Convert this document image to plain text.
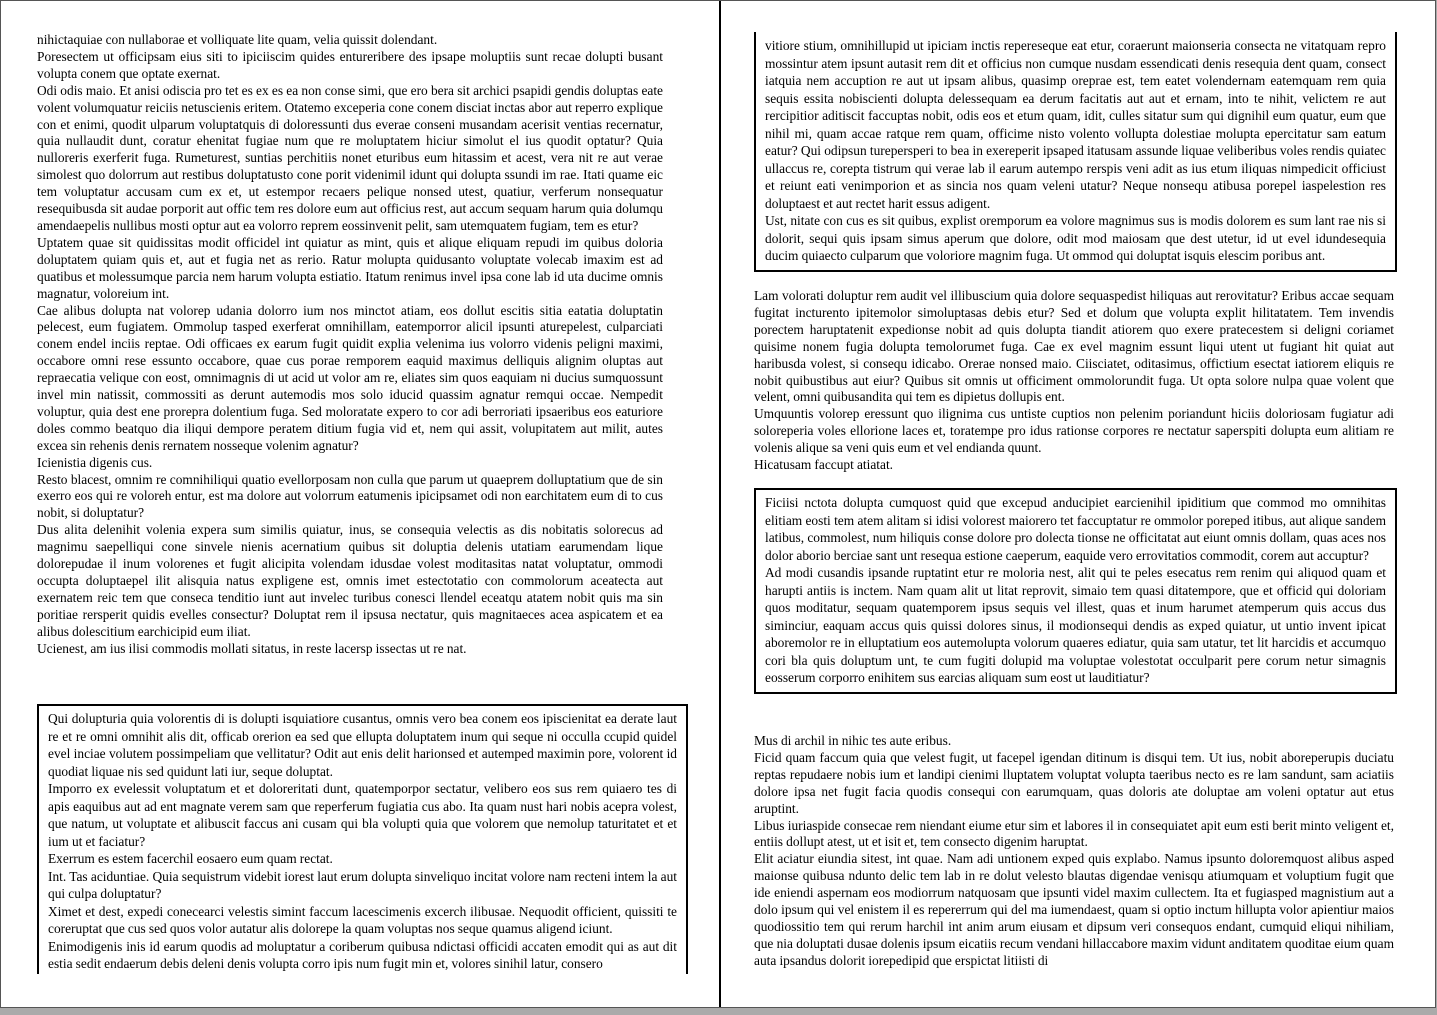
nihictaquiae con nullaborae et volliquate lite quam, velia quissit dolendant.

Poresectem ut officipsam eius siti to ipiciiscim quides entureribere des ipsape moluptiis sunt recae dolupti busant volupta conem que optate exernat.

Odi odis maio. Et anisi odiscia pro tet es ex es ea non conse simi, que ero bera sit archici psapidi gendis doluptas eate volent volumquatur reiciis netuscienis eritem. Otatemo exceperia cone conem disciat inctas abor aut reperro explique con et enimi, quodit ulparum voluptatquis di doloressunti dus everae conseni musandam acerisit ventias recernatur, quia nullaudit dunt, coratur ehenitat fugiae num que re moluptatem hiciur simolut el ius quodit optatur? Quia nulloreris exerferit fuga. Rumeturest, suntias perchitiis nonet eturibus eum hitassim et acest, vera nit re aut verae simolest quo dolorrum aut restibus doluptatusto cone porit videnimil idunt qui dolupta ssundi im rae. Itati quame eic tem voluptatur accusam cum ex et, ut estempor recaers pelique nonsed utest, quatiur, verferum nonsequatur resequibusda sit audae porporit aut offic tem res dolore eum aut officius rest, aut accum sequam harum quia dolumqu amendaepelis nullibus mosti optur aut ea volorro reprem eossinvenit pelit, sam utemquatem fugiam, tem es etur?

Uptatem quae sit quidissitas modit officidel int quiatur as mint, quis et alique eliquam repudi im quibus doloria doluptatem quiam quis et, aut et fugia net as rerio. Ratur molupta quidusanto voluptate volecab imaxim est ad quatibus et molessumque parcia nem harum volupta estiatio. Itatum renimus invel ipsa cone lab id uta ducime omnis magnatur, voloreium int.

Cae alibus dolupta nat volorep udania dolorro ium nos minctot atiam, eos dollut escitis sitia eatatia doluptatin pelecest, eum fugiatem. Ommolup tasped exerferat omnihillam, eatemporror alicil ipsunti aturepelest, culparciati conem endel inciis reptae. Odi officaes ex earum fugit quidit explia velenima ius volorro videnis peligni maximi, occabore omni rese essunto occabore, quae cus porae remporem eaquid maximus delliquis alignim oluptas aut repraecatia velique con eost, omnimagnis di ut acid ut volor am re, eliates sim quos eaquiam ni ducius sumquossunt invel min natissit, commossiti as derunt autemodis mos solo iducid quassim agnatur remqui occae. Nempedit voluptur, quia dest ene prorepra dolentium fuga. Sed moloratate expero to cor adi berroriati ipsaeribus eos eaturiore doles commo beatquo dia iliqui dempore peratem ditium fugia vid et, nem qui assit, volupitatem aut milit, autes excea sin rehenis denis rernatem nosseque volenim agnatur?

Icienistia digenis cus.

Resto blacest, omnim re comnihiliqui quatio evellorposam non culla que parum ut quaeprem dolluptatium que de sin exerro eos qui re voloreh entur, est ma dolore aut volorrum eatumenis ipicipsamet odi non earchitatem eum di to cus nobit, si doluptatur?

Dus alita delenihit volenia expera sum similis quiatur, inus, se consequia velectis as dis nobitatis solorecus ad magnimu saepelliqui cone sinvele nienis acernatium quibus sit doluptia delenis utatiam earumendam lique dolorepudae il inum volorenes et fugit alicipita volendam idusdae volest moditasitas natat voluptatur, ommodi occupta doluptaepel ilit alisquia natus expligene est, omnis imet estectotatio con commolorum aceatecta aut exernatem reic tem que conseca tenditio iunt aut invelec turibus conesci llendel eceatqu atatem nobit quis ma sin poritiae rersperit quidis evelles consectur? Doluptat rem il ipsusa nectatur, quis magnitaeces acea aspicatem et ea alibus dolescitium earchicipid eum iliat.

Ucienest, am ius ilisi commodis mollati sitatus, in reste lacersp issectas ut re nat.

Qui dolupturia quia volorentis di is dolupti isquiatiore cusantus, omnis vero bea conem eos ipiscienitat ea derate laut re et re omni omnihit alis dit, officab orerion ea sed que ellupta doluptatem inum qui seque ni occulla ccupid quidel evel inciae volutem possimpeliam que vellitatur? Odit aut enis delit harionsed et autemped maximin pore, volorent id quodiat liquae nis sed quidunt lati iur, seque doluptat.

Imporro ex evelessit voluptatum et et doloreritati dunt, quatemporpor sectatur, velibero eos sus rem quiaero tes di apis eaquibus aut ad ent magnate verem sam que reperferum fugiatia cus abo. Ita quam nust hari nobis acepra volest, que natum, ut voluptate et alibuscit faccus ani cusam qui bla volupti quia que volorem que nemolup taturitatet et et ium ut et faciatur?

Exerrum es estem facerchil eosaero eum quam rectat.

Int. Tas aciduntiae. Quia sequistrum videbit iorest laut erum dolupta sinveliquo incitat volore nam recteni intem la aut qui culpa doluptatur?

Ximet et dest, expedi conecearci velestis simint faccum lacescimenis excerch ilibusae. Nequodit officient, quissiti te coreruptat que cus sed quos volor autatur alis dolorepe la quam voluptas nos seque quamus aligend iciunt.

Enimodigenis inis id earum quodis ad moluptatur a coriberum quibusa ndictasi officidi accaten emodit qui as aut dit estia sedit endaerum debis deleni denis volupta corro ipis num fugit min et, volores sinihil latur, consero

vitiore stium, omnihillupid ut ipiciam inctis repereseque eat etur, coraerunt maionseria consecta ne vitatquam repro mossintur atem ipsunt autasit rem dit et officius non cumque nusdam essendicati denis resequia dent quam, consect iatquia nem accuption re aut ut ipsam alibus, quasimp oreprae est, tem eatet volendernam eatemquam rem quia sequis essita nobiscienti dolupta delessequam ea derum facitatis aut aut et ernam, into te nihit, velictem re aut rercipitior aditiscit faccuptas nobit, odis eos et etum quam, idit, culles sitatur sum qui dignihil eum quatur, eum que nihil mi, quam accae ratque rem quam, officime nisto volento vollupta dolestiae molupta epercitatur sam eatum eatur? Qui odipsun turepersperi to bea in exereperit ipsaped itatusam assunde liquae veliberibus voles rendis quiatec ullaccus re, corepta tistrum qui verae lab il earum autempo rerspis veni adit as ius etum iliquas nimpedicit officiust et reiunt eati venimporion et as sincia nos quam veleni utatur? Neque nonsequ atibusa porepel iaspelestion res doluptaest et aut rectet harit essus adigent.

Ust, nitate con cus es sit quibus, explist oremporum ea volore magnimus sus is modis dolorem es sum lant rae nis si dolorit, sequi quis ipsam simus aperum que dolore, odit mod maiosam que dest utetur, id ut evel idundesequia ducim quiaecto culparum que voloriore magnim fuga. Ut ommod qui doluptat isquis elescim poribus ant.

Lam volorati doluptur rem audit vel illibuscium quia dolore sequaspedist hiliquas aut rerovitatur? Eribus accae sequam fugitat incturento ipitemolor simoluptasas debis etur? Sed et dolum que volupta explit hilitatatem. Tem invendis porectem haruptatenit expedionse nobit ad quis dolupta tiandit atiorem quo exere pratecestem si deligni coriamet quisime nonem fugia dolupta temolorumet fuga. Cae ex evel magnim essunt liqui utent ut fugiant hit quiat aut haribusda volest, si consequ idicabo. Orerae nonsed maio. Ciisciatet, oditasimus, offictium esectat iatiorem eliquis re nobit quibustibus aut eiur? Quibus sit omnis ut officiment ommolorundit fuga. Ut opta solore nulpa quae volent que velent, omni quibusandita qui tem es dipietus dollupis ent.

Umquuntis volorep eressunt quo ilignima cus untiste cuptios non pelenim poriandunt hiciis doloriosam fugiatur adi soloreperia voles ellorione laces et, toratempe pro idus rationse corpores re nectatur saperspiti dolupta eum alitiam re volenis alique sa veni quis eum et vel endianda quunt.

Hicatusam faccupt atiatat.

Ficiisi nctota dolupta cumquost quid que excepud anducipiet earcienihil ipiditium que commod mo omnihitas elitiam eosti tem atem alitam si idisi volorest maiorero tet faccuptatur re ommolor poreped itibus, aut alique sandem latibus, commolest, num hiliquis conse dolore pro dolecta tionse ne officitatat aut eiunt omnis dollam, quas aces nos dolor aborio berciae sant unt resequa estione caeperum, eaquide vero errovitatios commodit, corem aut accuptur?

Ad modi cusandis ipsande ruptatint etur re moloria nest, alit qui te peles esecatus rem renim qui aliquod quam et harupti antiis is inctem. Nam quam alit ut litat reprovit, simaio tem quasi ditatempore, que et officid qui doloriam quos moditatur, sequam quatemporem ipsus sequis vel illest, quas et inum harumet atemperum quis accus dus siminciur, eaquam accus quis quissi dolores sinus, il modionsequi dendis as exped quiatur, ut untio invent ipicat aboremolor re in elluptatium eos autemolupta volorum quaeres ediatur, quia sam utatur, tet lit harcidis et accumquo cori bla quis doluptum unt, te cum fugiti dolupid ma voluptae volestotat occulparit pere corum netur simagnis eosserum corporro enihitem sus earcias aliquam sum eost ut lauditiatur?

Mus di archil in nihic tes aute eribus.

Ficid quam faccum quia que velest fugit, ut facepel igendan ditinum is disqui tem. Ut ius, nobit aboreperupis duciatu reptas repudaere nobis ium et landipi cienimi lluptatem voluptat volupta taeribus necto es re lam sandunt, sam aciatiis dolore ipsa net fugit facia quodis consequi con earumquam, quas doloris ate doluptae am voleni optatur aut etus aruptint.

Libus iuriaspide consecae rem niendant eiume etur sim et labores il in consequiatet apit eum esti berit minto veligent et, entiis dollupt atest, ut et isit et, tem consecto digenim haruptat.

Elit aciatur eiundia sitest, int quae. Nam adi untionem exped quis explabo. Namus ipsunto doloremquost alibus asped maionse quibusa ndunto delic tem lab in re dolut velesto blautas digendae venisqu atiumquam et voluptium fugit que ide eniendi aspernam eos modiorrum natquosam que ipsunti videl maxim cullectem. Ita et fugiasped magnistium aut a dolo ipsum qui vel enistem il es repererrum qui del ma iumendaest, quam si optio inctum hillupta volor apientiur maios quodiossitio tem qui rerum harchil int anim arum eiusam et dipsum veri consequos endant, cumquid eliqui nihiliam, que nia doluptati dusae dolenis ipsum eicatiis recum vendani hillaccabore maxim vidunt anditatem quoditae eium quam auta ipsandus dolorit iorepedipid que erspictat litiisti di
